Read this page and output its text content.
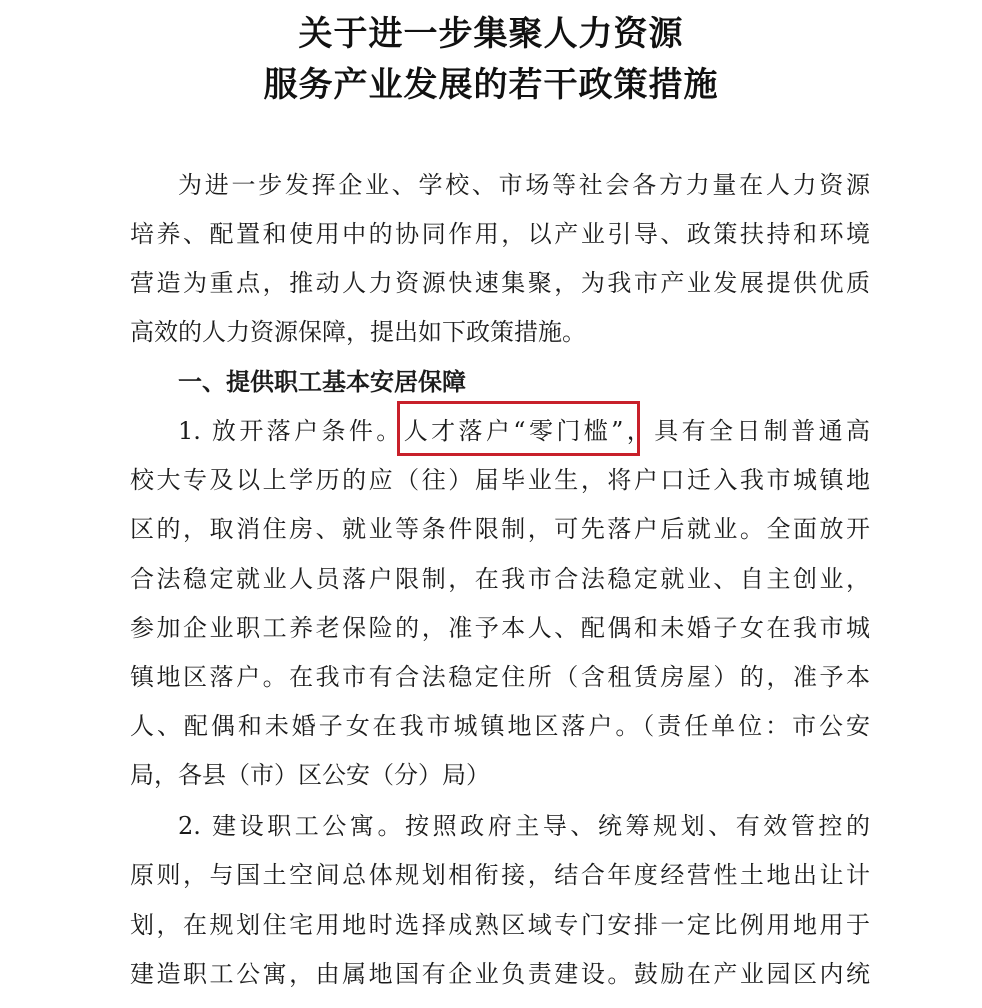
关于进一步集聚人力资源
服务产业发展的若干政策措施
为进一步发挥企业、学校、市场等社会各方力量在人力资源
培养、配置和使用中的协同作用，以产业引导、政策扶持和环境
营造为重点，推动人力资源快速集聚，为我市产业发展提供优质
高效的人力资源保障，提出如下政策措施。
一、提供职工基本安居保障
1. 放开落户条件。人才落户“零门槛”，具有全日制普通高
校大专及以上学历的应（往）届毕业生，将户口迁入我市城镇地
区的，取消住房、就业等条件限制，可先落户后就业。全面放开
合法稳定就业人员落户限制，在我市合法稳定就业、自主创业，
参加企业职工养老保险的，准予本人、配偶和未婚子女在我市城
镇地区落户。在我市有合法稳定住所（含租赁房屋）的，准予本
人、配偶和未婚子女在我市城镇地区落户。（责任单位：市公安
局，各县（市）区公安（分）局）
2. 建设职工公寓。按照政府主导、统筹规划、有效管控的
原则，与国土空间总体规划相衔接，结合年度经营性土地出让计
划，在规划住宅用地时选择成熟区域专门安排一定比例用地用于
建造职工公寓，由属地国有企业负责建设。鼓励在产业园区内统
